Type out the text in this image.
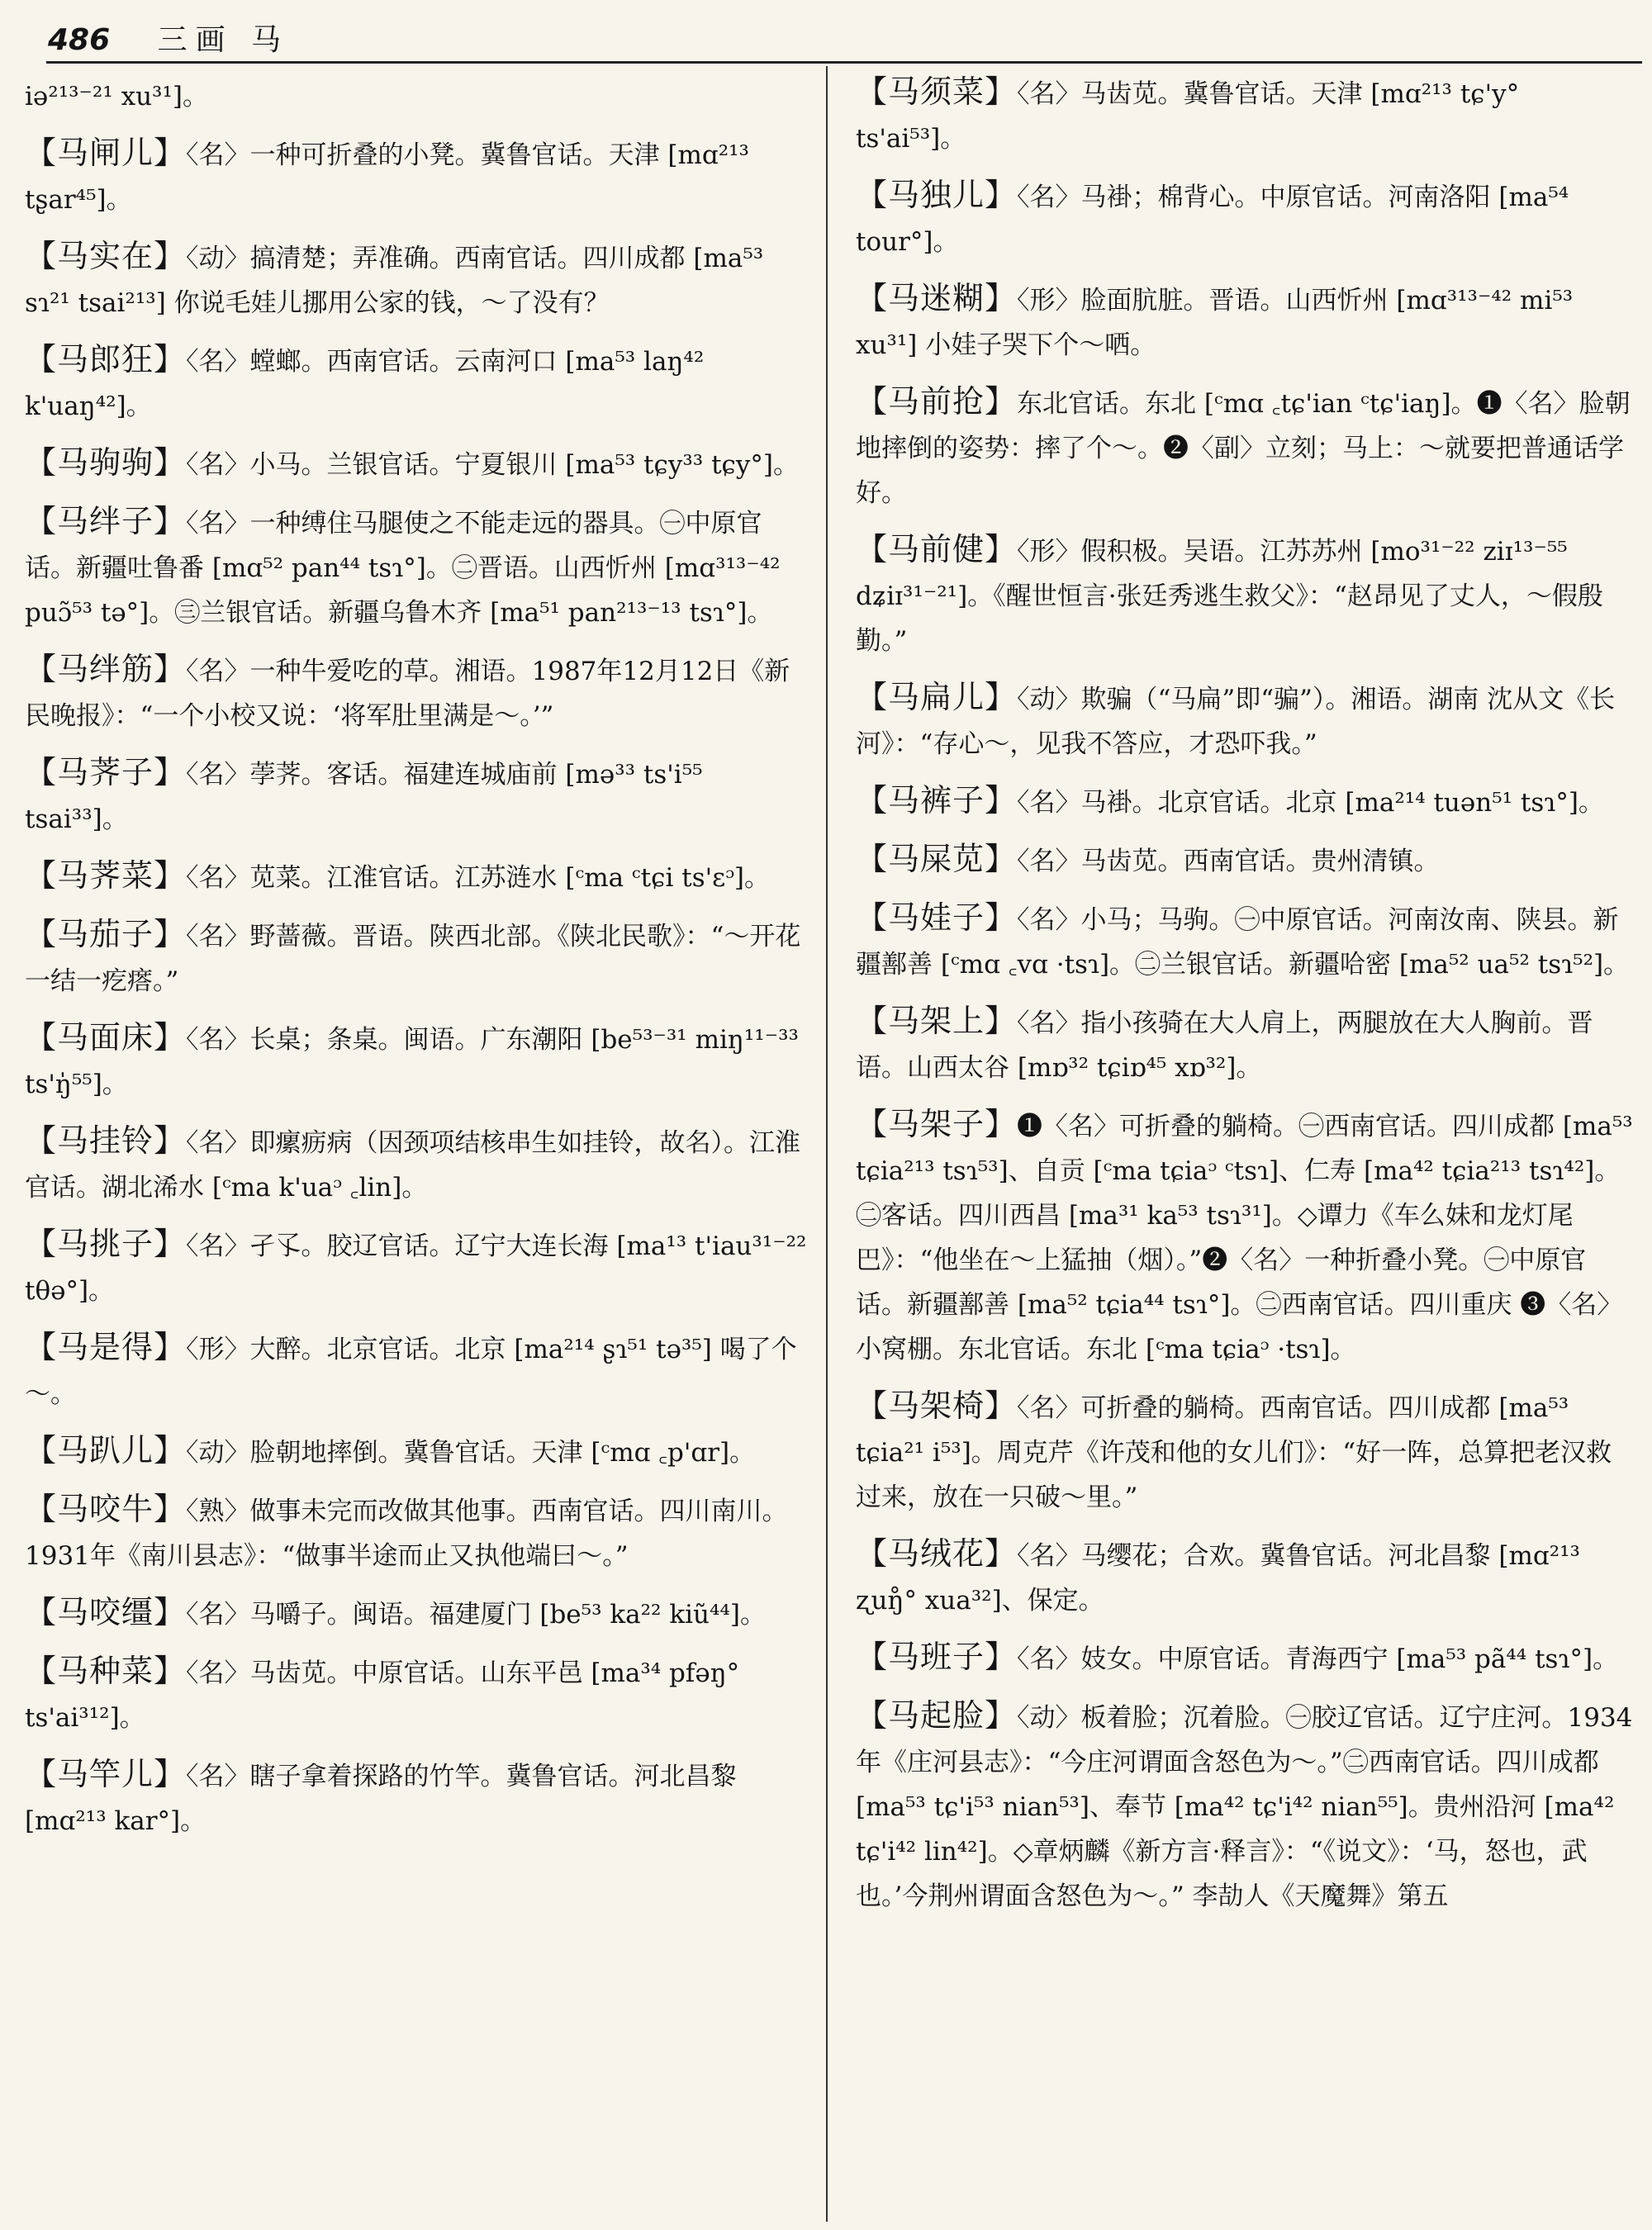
486 三画 马

iə²¹³⁻²¹ xu³¹]。

【马闸儿】〈名〉一种可折叠的小凳。冀鲁官话。天津 [mɑ²¹³ tʂar⁴⁵]。

【马实在】〈动〉搞清楚；弄准确。西南官话。四川成都 [ma⁵³ sɿ²¹ tsai²¹³] 你说毛娃儿挪用公家的钱，～了没有？

【马郎狂】〈名〉螳螂。西南官话。云南河口 [ma⁵³ laŋ⁴² k'uaŋ⁴²]。

【马驹驹】〈名〉小马。兰银官话。宁夏银川 [ma⁵³ tɕy³³ tɕy°]。

【马绊子】〈名〉一种缚住马腿使之不能走远的器具。㊀中原官话。新疆吐鲁番 [mɑ⁵² pan⁴⁴ tsɿ°]。㊁晋语。山西忻州 [mɑ³¹³⁻⁴² puɔ̃⁵³ tə°]。㊂兰银官话。新疆乌鲁木齐 [ma⁵¹ pan²¹³⁻¹³ tsɿ°]。

【马绊筋】〈名〉一种牛爱吃的草。湘语。1987年12月12日《新民晚报》：“一个小校又说：‘将军肚里满是～。’”

【马荠子】〈名〉荸荠。客话。福建连城庙前 [mə³³ ts'i⁵⁵ tsai³³]。

【马荠菜】〈名〉苋菜。江淮官话。江苏涟水 [ᶜma ᶜtɕi ts'ɛᵓ]。

【马茄子】〈名〉野蔷薇。晋语。陕西北部。《陕北民歌》：“～开花一结一疙瘩。”

【马面床】〈名〉长桌；条桌。闽语。广东潮阳 [be⁵³⁻³¹ miŋ¹¹⁻³³ ts'ŋ̍⁵⁵]。

【马挂铃】〈名〉即瘰疬病（因颈项结核串生如挂铃，故名）。江淮官话。湖北浠水 [ᶜma k'uaᵓ ꜀lin]。

【马挑子】〈名〉孑孓。胶辽官话。辽宁大连长海 [ma¹³ t'iau³¹⁻²² tθə°]。

【马是得】〈形〉大醉。北京官话。北京 [ma²¹⁴ ʂɿ⁵¹ tə³⁵] 喝了个～。

【马趴儿】〈动〉脸朝地摔倒。冀鲁官话。天津 [ᶜmɑ ꜀p'ɑr]。

【马咬牛】〈熟〉做事未完而改做其他事。西南官话。四川南川。1931年《南川县志》：“做事半途而止又执他端曰～。”

【马咬缰】〈名〉马嚼子。闽语。福建厦门 [be⁵³ ka²² kiũ⁴⁴]。

【马种菜】〈名〉马齿苋。中原官话。山东平邑 [ma³⁴ pfəŋ° ts'ai³¹²]。

【马竿儿】〈名〉瞎子拿着探路的竹竿。冀鲁官话。河北昌黎 [mɑ²¹³ kar°]。

【马须菜】〈名〉马齿苋。冀鲁官话。天津 [mɑ²¹³ tɕ'y° ts'ai⁵³]。

【马独儿】〈名〉马褂；棉背心。中原官话。河南洛阳 [ma⁵⁴ tour°]。

【马迷糊】〈形〉脸面肮脏。晋语。山西忻州 [mɑ³¹³⁻⁴² mi⁵³ xu³¹] 小娃子哭下个～哂。

【马前抢】东北官话。东北 [ᶜmɑ ꜀tɕ'ian ᶜtɕ'iaŋ]。❶〈名〉脸朝地摔倒的姿势：摔了个～。❷〈副〉立刻；马上：～就要把普通话学好。

【马前健】〈形〉假积极。吴语。江苏苏州 [mo³¹⁻²² ziɪ¹³⁻⁵⁵ dʑiɪ³¹⁻²¹]。《醒世恒言·张廷秀逃生救父》：“赵昂见了丈人，～假殷勤。”

【马扁儿】〈动〉欺骗（“马扁”即“骗”）。湘语。湖南 沈从文《长河》：“存心～，见我不答应，才恐吓我。”

【马裤子】〈名〉马褂。北京官话。北京 [ma²¹⁴ tuən⁵¹ tsɿ°]。

【马屎苋】〈名〉马齿苋。西南官话。贵州清镇。

【马娃子】〈名〉小马；马驹。㊀中原官话。河南汝南、陕县。新疆鄯善 [ᶜmɑ ꜀vɑ ·tsɿ]。㊁兰银官话。新疆哈密 [ma⁵² ua⁵² tsɿ⁵²]。

【马架上】〈名〉指小孩骑在大人肩上，两腿放在大人胸前。晋语。山西太谷 [mɒ³² tɕiɒ⁴⁵ xɒ³²]。

【马架子】❶〈名〉可折叠的躺椅。㊀西南官话。四川成都 [ma⁵³ tɕia²¹³ tsɿ⁵³]、自贡 [ᶜma tɕiaᵓ ᶜtsɿ]、仁寿 [ma⁴² tɕia²¹³ tsɿ⁴²]。㊁客话。四川西昌 [ma³¹ ka⁵³ tsɿ³¹]。◇谭力《车么妹和龙灯尾巴》：“他坐在～上猛抽（烟）。”❷〈名〉一种折叠小凳。㊀中原官话。新疆鄯善 [ma⁵² tɕia⁴⁴ tsɿ°]。㊁西南官话。四川重庆 ❸〈名〉小窝棚。东北官话。东北 [ᶜma tɕiaᵓ ·tsɿ]。

【马架椅】〈名〉可折叠的躺椅。西南官话。四川成都 [ma⁵³ tɕia²¹ i⁵³]。周克芹《许茂和他的女儿们》：“好一阵，总算把老汉救过来，放在一只破～里。”

【马绒花】〈名〉马缨花；合欢。冀鲁官话。河北昌黎 [mɑ²¹³ ʐuŋ̊° xua³²]、保定。

【马班子】〈名〉妓女。中原官话。青海西宁 [ma⁵³ pã⁴⁴ tsɿ°]。

【马起脸】〈动〉板着脸；沉着脸。㊀胶辽官话。辽宁庄河。1934年《庄河县志》：“今庄河谓面含怒色为～。”㊁西南官话。四川成都 [ma⁵³ tɕ'i⁵³ nian⁵³]、奉节 [ma⁴² tɕ'i⁴² nian⁵⁵]。贵州沿河 [ma⁴² tɕ'i⁴² lin⁴²]。◇章炳麟《新方言·释言》：“《说文》：‘马，怒也，武也。’今荆州谓面含怒色为～。” 李劼人《天魔舞》第五
